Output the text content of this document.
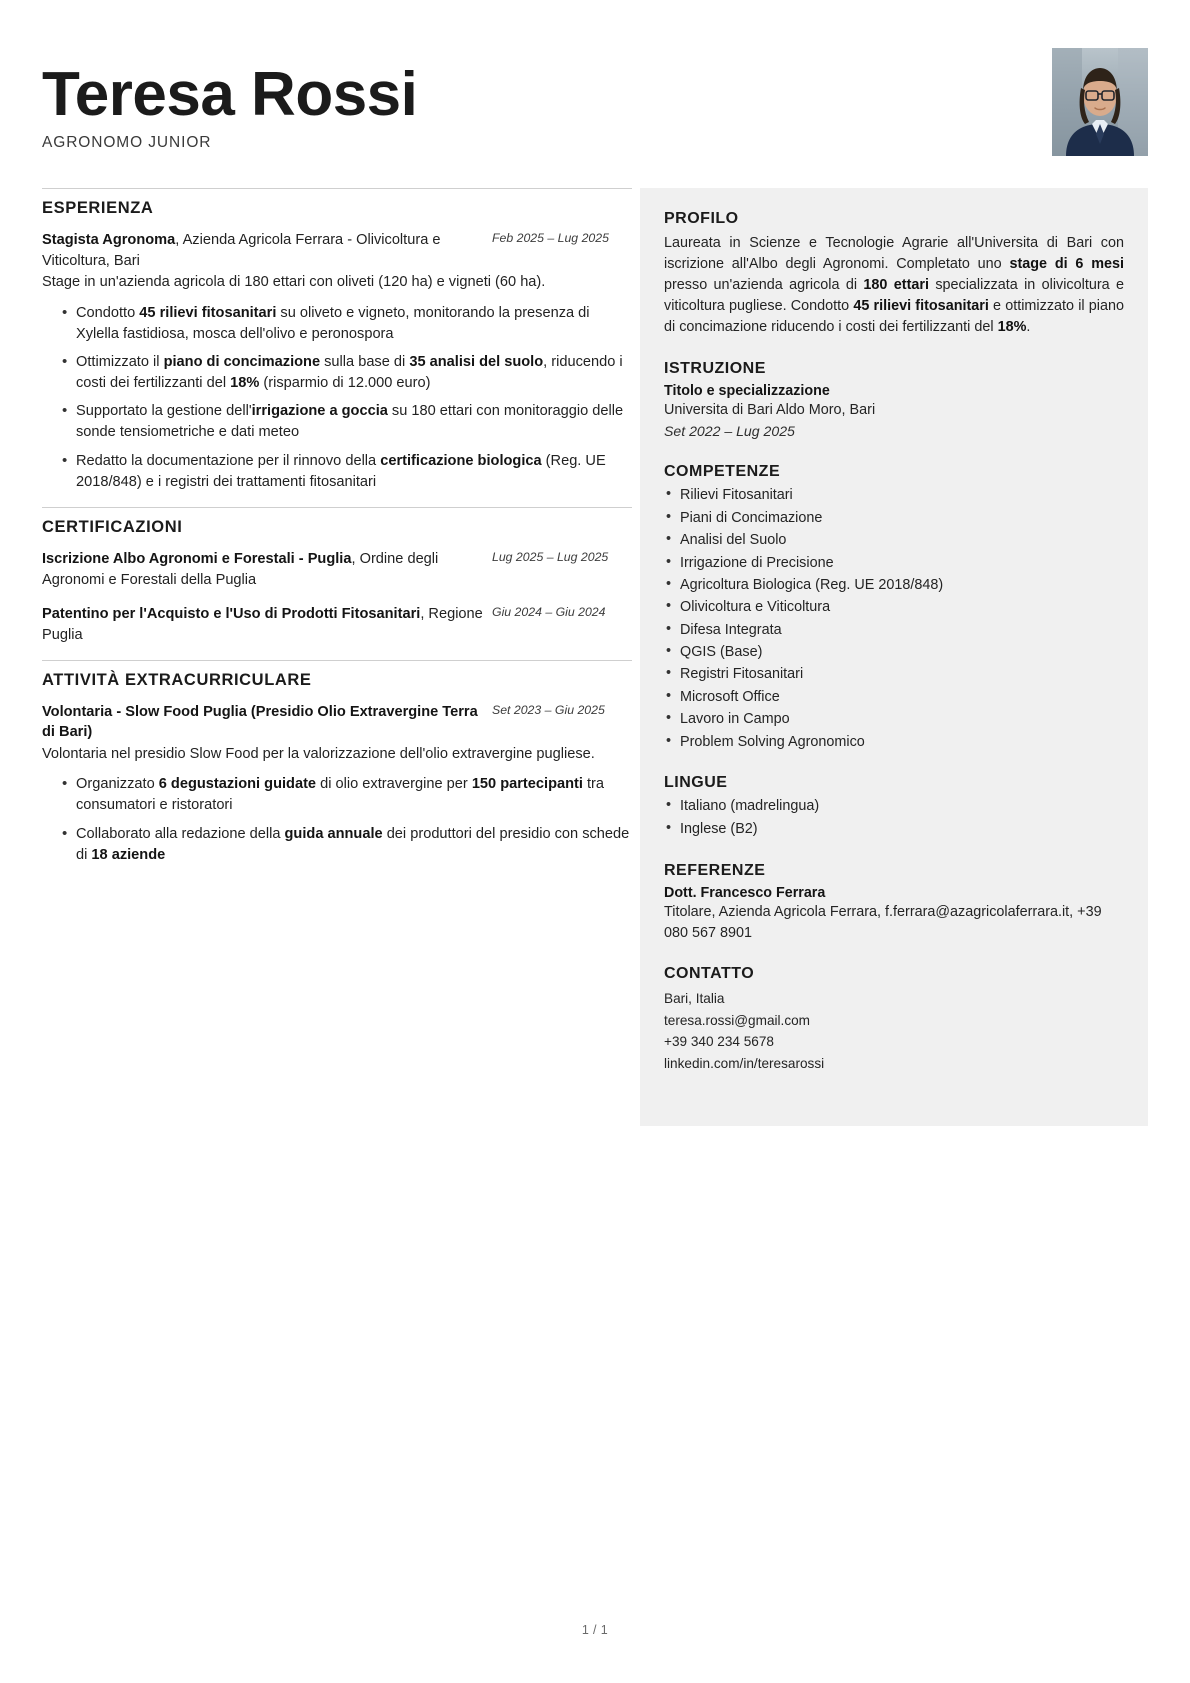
Teresa Rossi
AGRONOMO JUNIOR
ESPERIENZA
Stagista Agronoma, Azienda Agricola Ferrara - Olivicoltura e Viticoltura, Bari
Feb 2025 – Lug 2025
Stage in un'azienda agricola di 180 ettari con oliveti (120 ha) e vigneti (60 ha).
• Condotto 45 rilievi fitosanitari su oliveto e vigneto, monitorando la presenza di Xylella fastidiosa, mosca dell'olivo e peronospora
• Ottimizzato il piano di concimazione sulla base di 35 analisi del suolo, riducendo i costi dei fertilizzanti del 18% (risparmio di 12.000 euro)
• Supportato la gestione dell'irrigazione a goccia su 180 ettari con monitoraggio delle sonde tensiometriche e dati meteo
• Redatto la documentazione per il rinnovo della certificazione biologica (Reg. UE 2018/848) e i registri dei trattamenti fitosanitari
CERTIFICAZIONI
Iscrizione Albo Agronomi e Forestali - Puglia, Ordine degli Agronomi e Forestali della Puglia
Lug 2025 – Lug 2025
Patentino per l'Acquisto e l'Uso di Prodotti Fitosanitari, Regione Puglia
Giu 2024 – Giu 2024
ATTIVITÀ EXTRACURRICULARE
Volontaria - Slow Food Puglia (Presidio Olio Extravergine Terra di Bari)
Set 2023 – Giu 2025
Volontaria nel presidio Slow Food per la valorizzazione dell'olio extravergine pugliese.
• Organizzato 6 degustazioni guidate di olio extravergine per 150 partecipanti tra consumatori e ristoratori
• Collaborato alla redazione della guida annuale dei produttori del presidio con schede di 18 aziende
PROFILO
Laureata in Scienze e Tecnologie Agrarie all'Universita di Bari con iscrizione all'Albo degli Agronomi. Completato uno stage di 6 mesi presso un'azienda agricola di 180 ettari specializzata in olivicoltura e viticoltura pugliese. Condotto 45 rilievi fitosanitari e ottimizzato il piano di concimazione riducendo i costi dei fertilizzanti del 18%.
ISTRUZIONE
Titolo e specializzazione
Universita di Bari Aldo Moro, Bari
Set 2022 – Lug 2025
COMPETENZE
• Rilievi Fitosanitari
• Piani di Concimazione
• Analisi del Suolo
• Irrigazione di Precisione
• Agricoltura Biologica (Reg. UE 2018/848)
• Olivicoltura e Viticoltura
• Difesa Integrata
• QGIS (Base)
• Registri Fitosanitari
• Microsoft Office
• Lavoro in Campo
• Problem Solving Agronomico
LINGUE
• Italiano (madrelingua)
• Inglese (B2)
REFERENZE
Dott. Francesco Ferrara
Titolare, Azienda Agricola Ferrara, f.ferrara@azagricolaferrara.it, +39 080 567 8901
CONTATTO
Bari, Italia
teresa.rossi@gmail.com
+39 340 234 5678
linkedin.com/in/teresarossi
1 / 1
